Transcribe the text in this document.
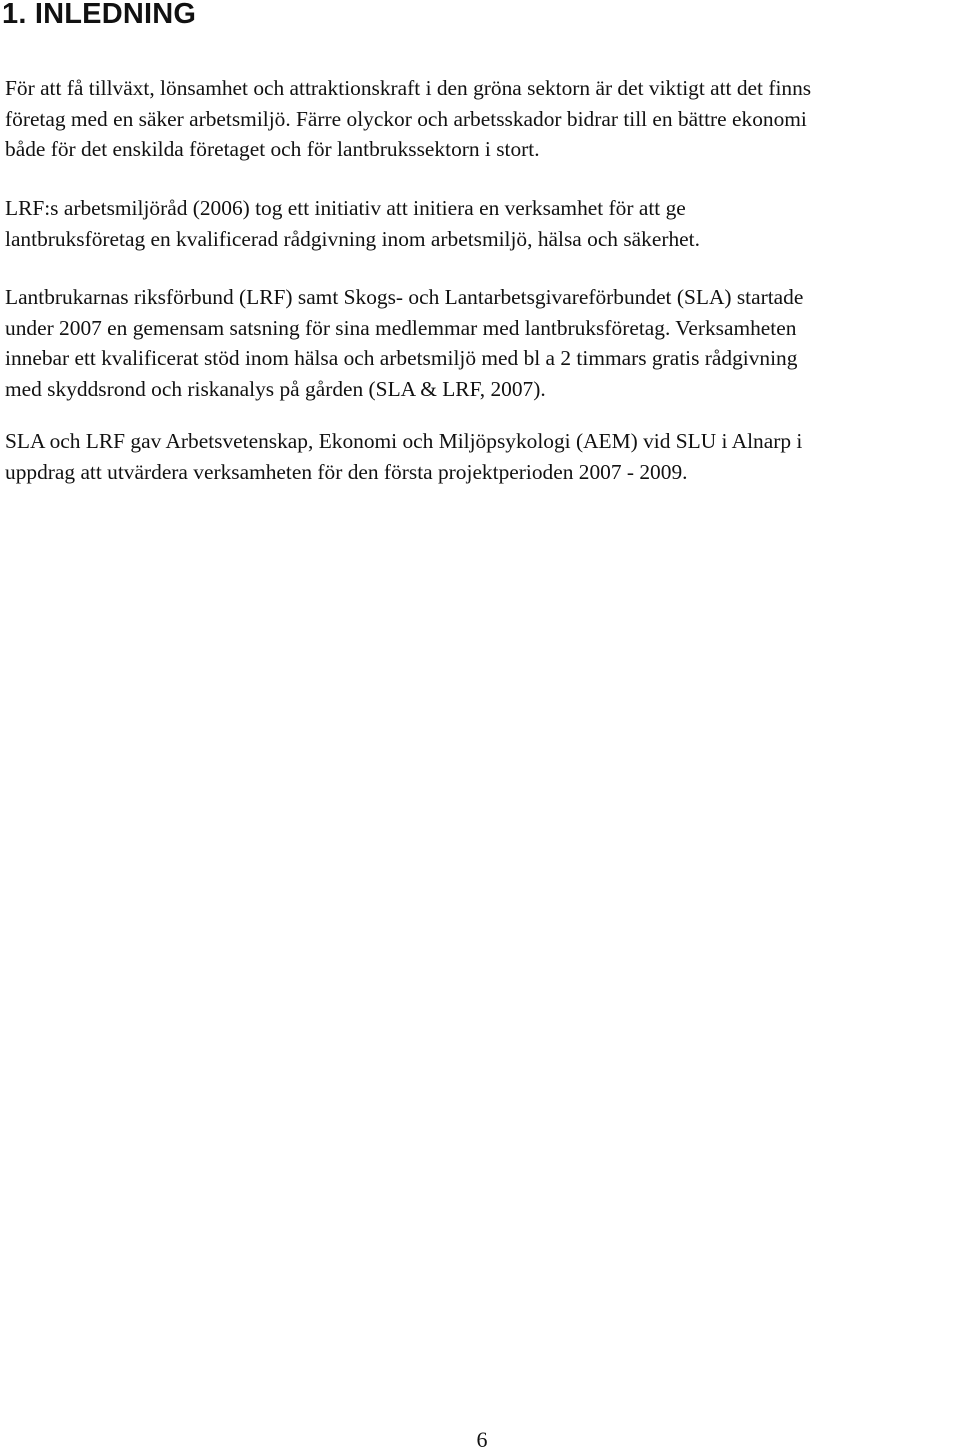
1. INLEDNING

För att få tillväxt, lönsamhet och attraktionskraft i den gröna sektorn är det viktigt att det finns
företag med en säker arbetsmiljö. Färre olyckor och arbetsskador bidrar till en bättre ekonomi
både för det enskilda företaget och för lantbrukssektorn i stort.

LRF:s arbetsmiljöråd (2006) tog ett initiativ att initiera en verksamhet för att ge
lantbruksföretag en kvalificerad rådgivning inom arbetsmiljö, hälsa och säkerhet.

Lantbrukarnas riksförbund (LRF) samt Skogs- och Lantarbetsgivareförbundet (SLA) startade
under 2007 en gemensam satsning för sina medlemmar med lantbruksföretag. Verksamheten
innebar ett kvalificerat stöd inom hälsa och arbetsmiljö med bl a 2 timmars gratis rådgivning
med skyddsrond och riskanalys på gården (SLA & LRF, 2007).

SLA och LRF gav Arbetsvetenskap, Ekonomi och Miljöpsykologi (AEM) vid SLU i Alnarp i
uppdrag att utvärdera verksamheten för den första projektperioden 2007 - 2009.

6
